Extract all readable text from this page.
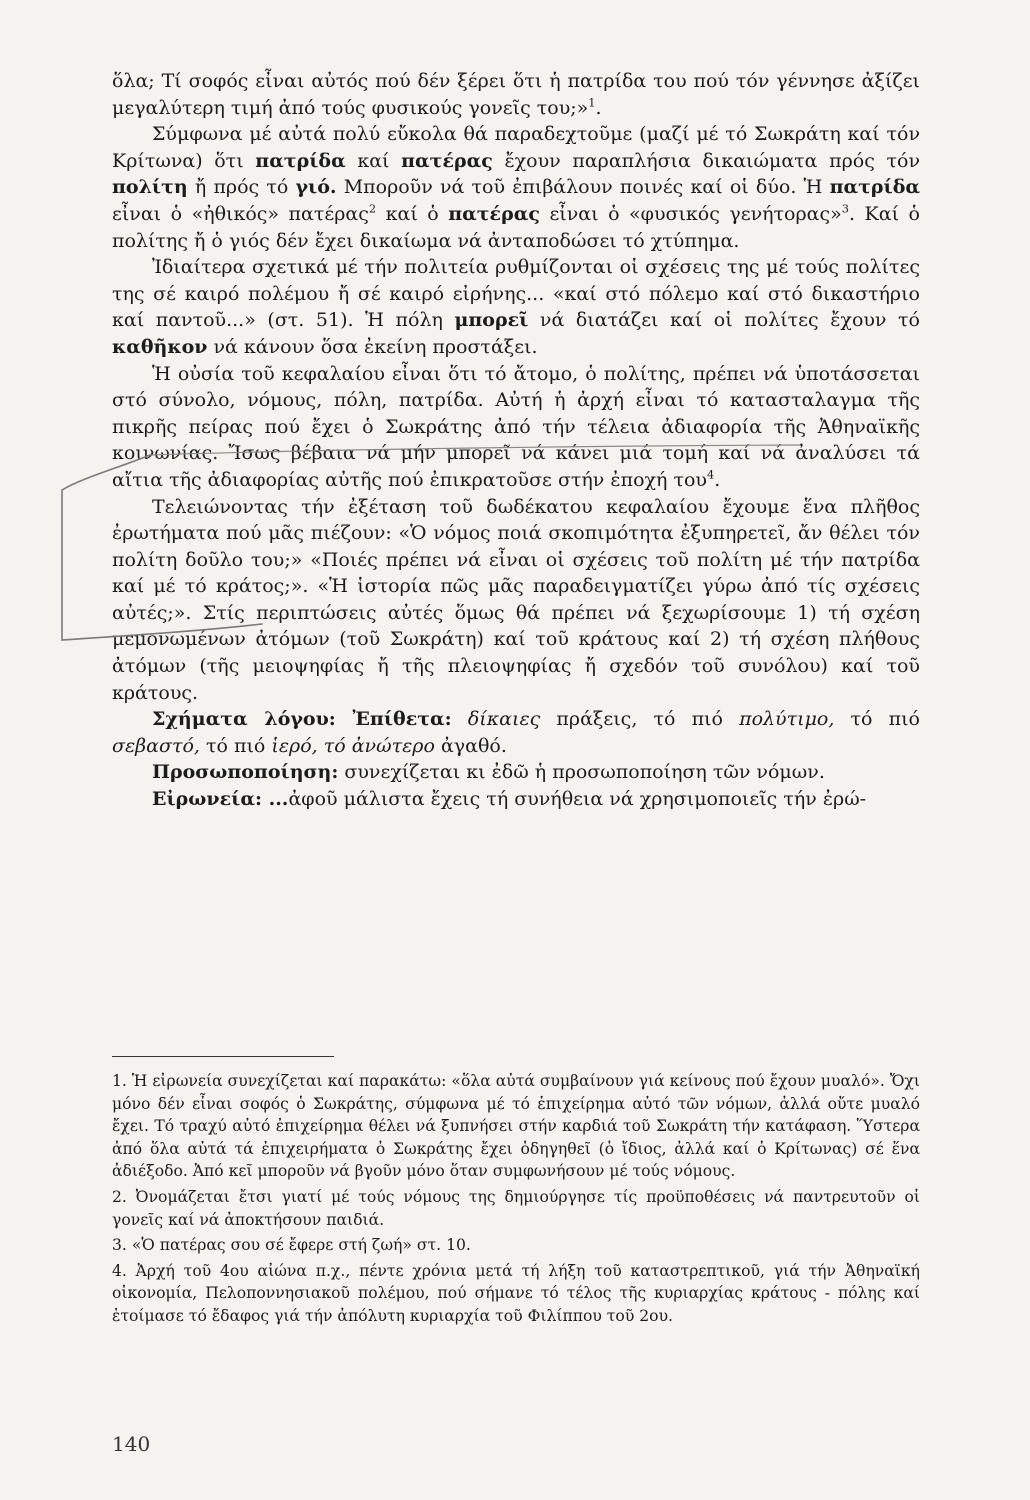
ὅλα; Τί σοφός εἶναι αὐτός πού δέν ξέρει ὅτι ἡ πατρίδα του πού τόν γέννησε ἀξίζει μεγαλύτερη τιμή ἀπό τούς φυσικούς γονεῖς του;»$^1$.

Σύμφωνα μέ αὐτά πολύ εὔκολα θά παραδεχτοῦμε (μαζί μέ τό Σωκράτη καί τόν Κρίτωνα) ὅτι πατρίδα καί πατέρας ἔχουν παραπλήσια δικαιώματα πρός τόν πολίτη ἤ πρός τό γιό. Μποροῦν νά τοῦ ἐπιβάλουν ποινές καί οἱ δύο. Ἡ πατρίδα εἶναι ὁ «ἠθικός» πατέρας$^2$ καί ὁ πατέρας εἶναι ὁ «φυσικός γενήτορας»$^3$. Καί ὁ πολίτης ἤ ὁ γιός δέν ἔχει δικαίωμα νά ἀνταποδώσει τό χτύπημα.

Ἰδιαίτερα σχετικά μέ τήν πολιτεία ρυθμίζονται οἱ σχέσεις της μέ τούς πολίτες της σέ καιρό πολέμου ἤ σέ καιρό εἰρήνης... «καί στό πόλεμο καί στό δικαστήριο καί παντοῦ...» (στ. 51). Ἡ πόλη μπορεῖ νά διατάζει καί οἱ πολίτες ἔχουν τό καθῆκον νά κάνουν ὅσα ἐκείνη προστάξει.

Ἡ οὐσία τοῦ κεφαλαίου εἶναι ὅτι τό ἄτομο, ὁ πολίτης, πρέπει νά ὑποτάσσεται στό σύνολο, νόμους, πόλη, πατρίδα. Αὐτή ἡ ἀρχή εἶναι τό κατασταλαγμα τῆς πικρῆς πείρας πού ἔχει ὁ Σωκράτης ἀπό τήν τέλεια ἀδιαφορία τῆς Ἀθηναϊκῆς κοινωνίας. Ἴσως βέβαια νά μήν μπορεῖ νά κάνει μιά τομή καί νά ἀναλύσει τά αἴτια τῆς ἀδιαφορίας αὐτῆς πού ἐπικρατοῦσε στήν ἐποχή του$^4$.

Τελειώνοντας τήν ἐξέταση τοῦ δωδέκατου κεφαλαίου ἔχουμε ἕνα πλῆθος ἐρωτήματα πού μᾶς πιέζουν: «Ὁ νόμος ποιά σκοπιμότητα ἐξυπηρετεῖ, ἄν θέλει τόν πολίτη δοῦλο του;» «Ποιές πρέπει νά εἶναι οἱ σχέσεις τοῦ πολίτη μέ τήν πατρίδα καί μέ τό κράτος;». «Ἡ ἱστορία πῶς μᾶς παραδειγματίζει γύρω ἀπό τίς σχέσεις αὐτές;». Στίς περιπτώσεις αὐτές ὅμως θά πρέπει νά ξεχωρίσουμε 1) τή σχέση μεμονωμένων ἀτόμων (τοῦ Σωκράτη) καί τοῦ κράτους καί 2) τή σχέση πλήθους ἀτόμων (τῆς μειοψηφίας ἤ τῆς πλειοψηφίας ἤ σχεδόν τοῦ συνόλου) καί τοῦ κράτους.

Σχήματα λόγου: Ἐπίθετα: δίκαιες πράξεις, τό πιό πολύτιμο, τό πιό σεβαστό, τό πιό ἱερό, τό ἀνώτερο ἀγαθό.

Προσωποποίηση: συνεχίζεται κι ἐδῶ ἡ προσωποποίηση τῶν νόμων.

Εἰρωνεία: ...ἀφοῦ μάλιστα ἔχεις τή συνήθεια νά χρησιμοποιεῖς τήν ἐρώ-

1. Ἡ εἰρωνεία συνεχίζεται καί παρακάτω: «ὅλα αὐτά συμβαίνουν γιά κείνους πού ἔχουν μυαλό». Ὄχι μόνο δέν εἶναι σοφός ὁ Σωκράτης, σύμφωνα μέ τό ἐπιχείρημα αὐτό τῶν νόμων, ἀλλά οὔτε μυαλό ἔχει. Τό τραχύ αὐτό ἐπιχείρημα θέλει νά ξυπνήσει στήν καρδιά τοῦ Σωκράτη τήν κατάφαση. Ὕστερα ἀπό ὅλα αὐτά τά ἐπιχειρήματα ὁ Σωκράτης ἔχει ὁδηγηθεῖ (ὁ ἴδιος, ἀλλά καί ὁ Κρίτωνας) σέ ἕνα ἀδιέξοδο. Ἀπό κεῖ μποροῦν νά βγοῦν μόνο ὅταν συμφωνήσουν μέ τούς νόμους.

2. Ὀνομάζεται ἔτσι γιατί μέ τούς νόμους της δημιούργησε τίς προϋποθέσεις νά παντρευτοῦν οἱ γονεῖς καί νά ἀποκτήσουν παιδιά.

3. «Ὁ πατέρας σου σέ ἔφερε στή ζωή» στ. 10.

4. Ἀρχή τοῦ 4ου αἰώνα π.χ., πέντε χρόνια μετά τή λήξη τοῦ καταστρεπτικοῦ, γιά τήν Ἀθηναϊκή οἰκονομία, Πελοποννησιακοῦ πολέμου, πού σήμανε τό τέλος τῆς κυριαρχίας κράτους - πόλης καί ἑτοίμασε τό ἔδαφος γιά τήν ἀπόλυτη κυριαρχία τοῦ Φιλίππου τοῦ 2ου.

140
